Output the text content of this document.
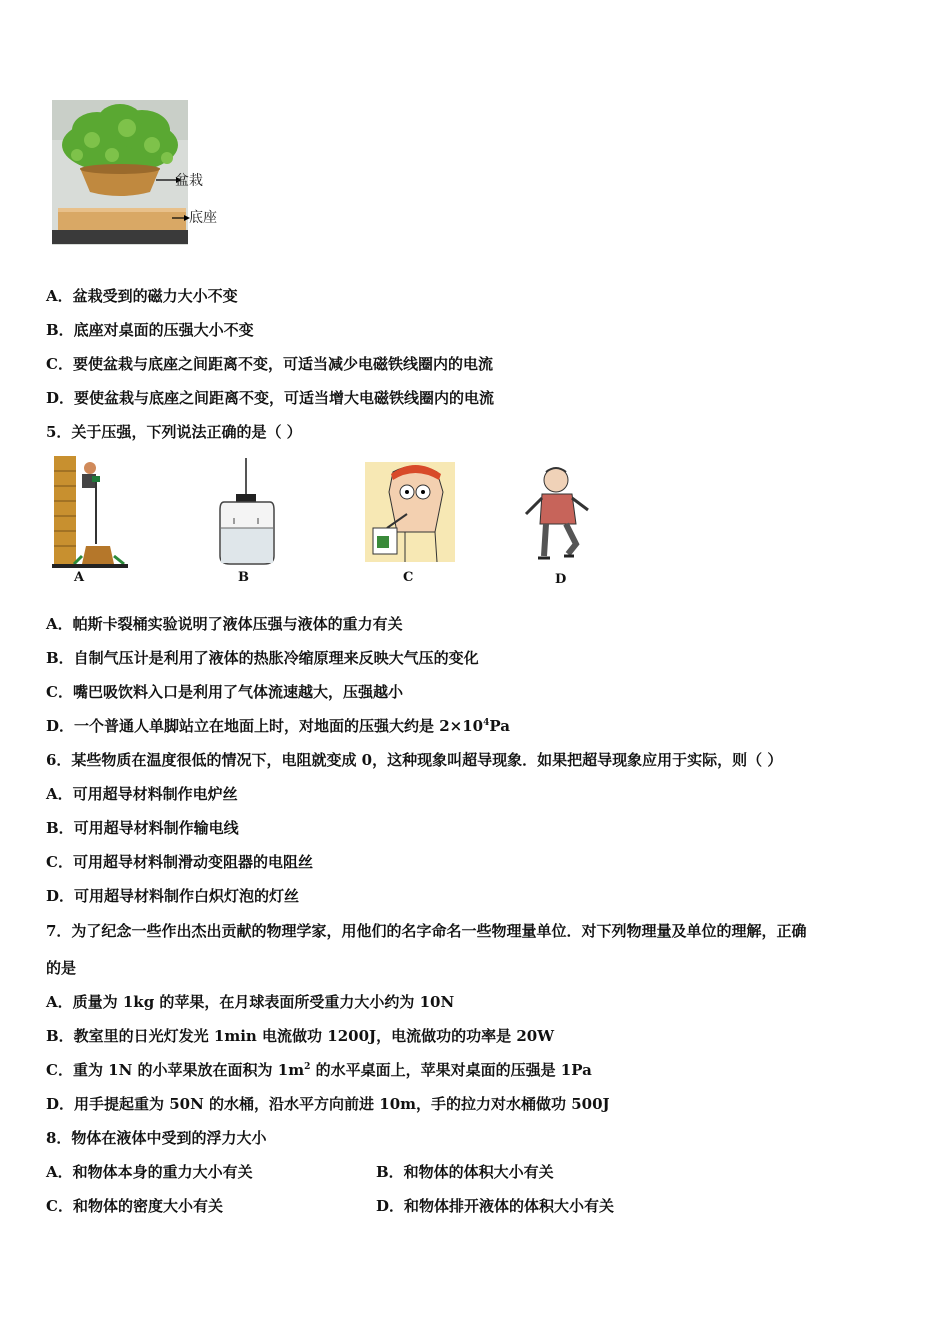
盆栽
底座
A．盆栽受到的磁力大小不变
B．底座对桌面的压强大小不变
C．要使盆栽与底座之间距离不变，可适当减少电磁铁线圈内的电流
D．要使盆栽与底座之间距离不变，可适当增大电磁铁线圈内的电流
5．关于压强，下列说法正确的是（ ）
A	B	C	D
A．帕斯卡裂桶实验说明了液体压强与液体的重力有关
B．自制气压计是利用了液体的热胀冷缩原理来反映大气压的变化
C．嘴巴吸饮料入口是利用了气体流速越大，压强越小
D．一个普通人单脚站立在地面上时，对地面的压强大约是 $2\times 10^4Pa$
6．某些物质在温度很低的情况下，电阻就变成 0，这种现象叫超导现象．如果把超导现象应用于实际，则（ ）
A．可用超导材料制作电炉丝
B．可用超导材料制作输电线
C．可用超导材料制滑动变阻器的电阻丝
D．可用超导材料制作白炽灯泡的灯丝
7．为了纪念一些作出杰出贡献的物理学家，用他们的名字命名一些物理量单位．对下列物理量及单位的理解，正确
的是
A．质量为 1kg 的苹果，在月球表面所受重力大小约为 10N
B．教室里的日光灯发光 1min 电流做功 1200J，电流做功的功率是 20W
C．重为 1N 的小苹果放在面积为 $1m^2$ 的水平桌面上，苹果对桌面的压强是 1Pa
D．用手提起重为 50N 的水桶，沿水平方向前进 10m，手的拉力对水桶做功 500J
8．物体在液体中受到的浮力大小
A．和物体本身的重力大小有关	B．和物体的体积大小有关
C．和物体的密度大小有关	D．和物体排开液体的体积大小有关
